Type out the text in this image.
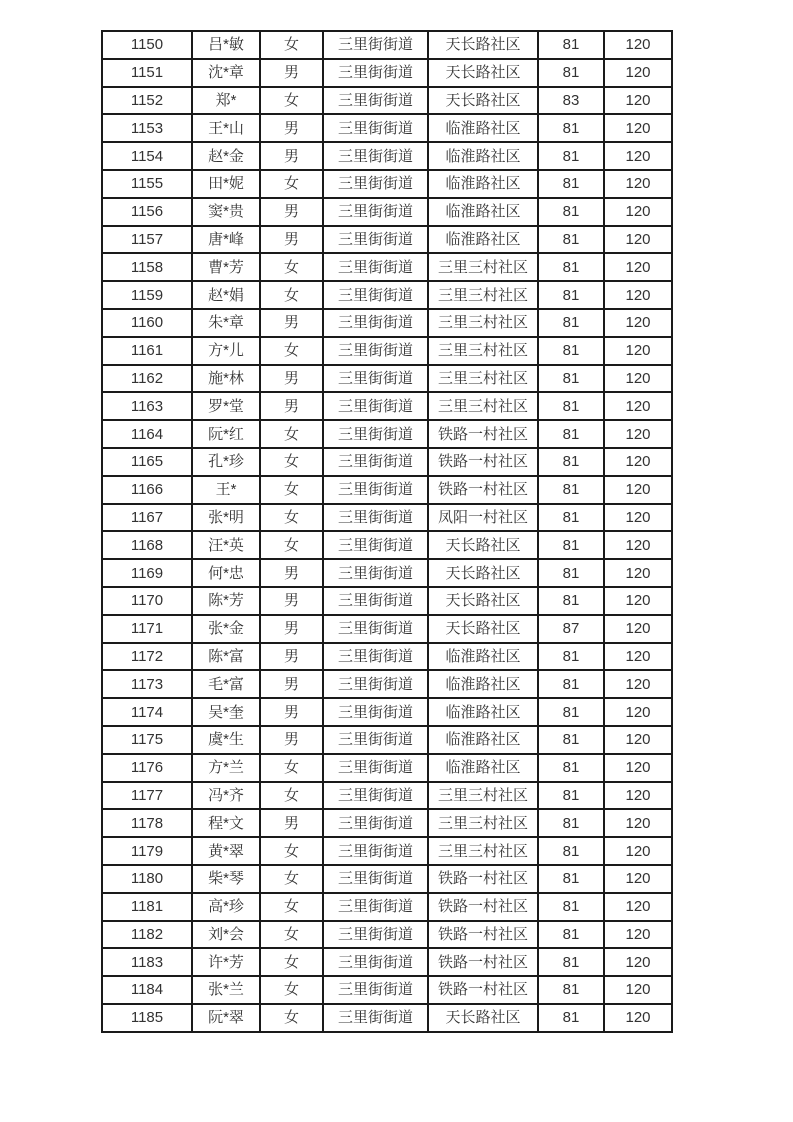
1150	吕*敏	女	三里街街道	天长路社区	81	120
1151	沈*章	男	三里街街道	天长路社区	81	120
1152	郑*	女	三里街街道	天长路社区	83	120
1153	王*山	男	三里街街道	临淮路社区	81	120
1154	赵*金	男	三里街街道	临淮路社区	81	120
1155	田*妮	女	三里街街道	临淮路社区	81	120
1156	窦*贵	男	三里街街道	临淮路社区	81	120
1157	唐*峰	男	三里街街道	临淮路社区	81	120
1158	曹*芳	女	三里街街道	三里三村社区	81	120
1159	赵*娟	女	三里街街道	三里三村社区	81	120
1160	朱*章	男	三里街街道	三里三村社区	81	120
1161	方*儿	女	三里街街道	三里三村社区	81	120
1162	施*林	男	三里街街道	三里三村社区	81	120
1163	罗*堂	男	三里街街道	三里三村社区	81	120
1164	阮*红	女	三里街街道	铁路一村社区	81	120
1165	孔*珍	女	三里街街道	铁路一村社区	81	120
1166	王*	女	三里街街道	铁路一村社区	81	120
1167	张*明	女	三里街街道	凤阳一村社区	81	120
1168	汪*英	女	三里街街道	天长路社区	81	120
1169	何*忠	男	三里街街道	天长路社区	81	120
1170	陈*芳	男	三里街街道	天长路社区	81	120
1171	张*金	男	三里街街道	天长路社区	87	120
1172	陈*富	男	三里街街道	临淮路社区	81	120
1173	毛*富	男	三里街街道	临淮路社区	81	120
1174	吴*奎	男	三里街街道	临淮路社区	81	120
1175	虞*生	男	三里街街道	临淮路社区	81	120
1176	方*兰	女	三里街街道	临淮路社区	81	120
1177	冯*齐	女	三里街街道	三里三村社区	81	120
1178	程*文	男	三里街街道	三里三村社区	81	120
1179	黄*翠	女	三里街街道	三里三村社区	81	120
1180	柴*琴	女	三里街街道	铁路一村社区	81	120
1181	高*珍	女	三里街街道	铁路一村社区	81	120
1182	刘*会	女	三里街街道	铁路一村社区	81	120
1183	许*芳	女	三里街街道	铁路一村社区	81	120
1184	张*兰	女	三里街街道	铁路一村社区	81	120
1185	阮*翠	女	三里街街道	天长路社区	81	120
